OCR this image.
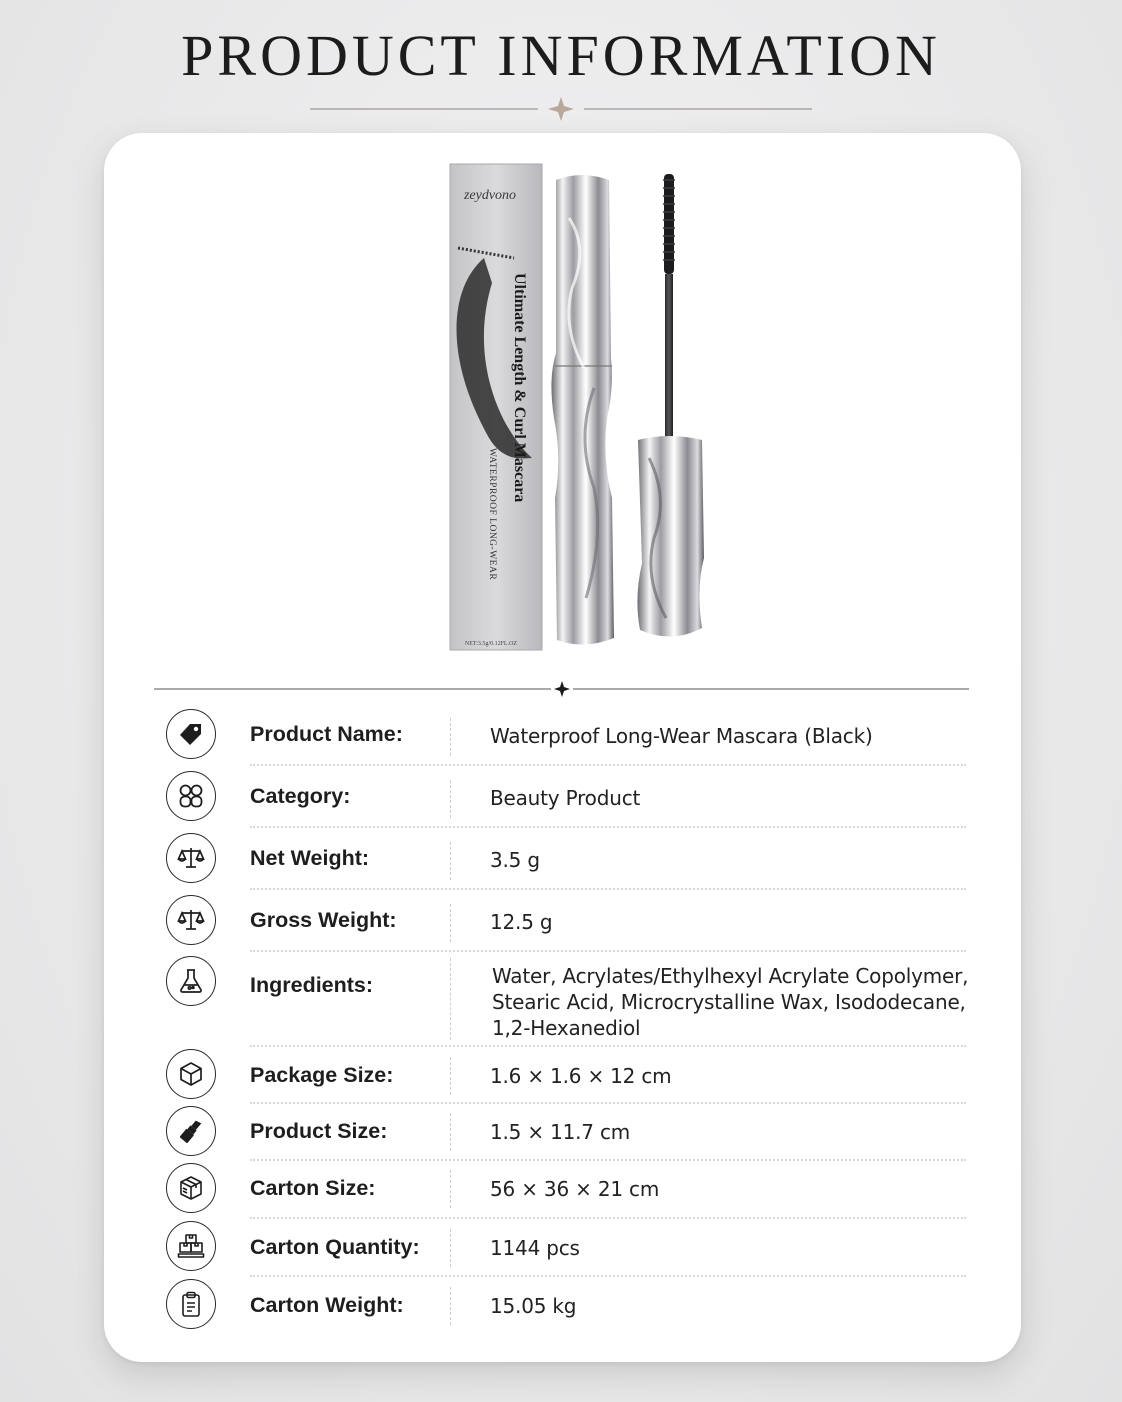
PRODUCT INFORMATION
zeydvono
Ultimate Length & Curl Mascara
WATERPROOF LONG-WEAR
NET:3.5g/0.12FL.OZ
Product Name:	Waterproof Long-Wear Mascara (Black)
Category:	Beauty Product
Net Weight:	3.5 g
Gross Weight:	12.5 g
Ingredients:	Water, Acrylates/Ethylhexyl Acrylate Copolymer,
Stearic Acid, Microcrystalline Wax, Isododecane,
1,2-Hexanediol
Package Size:	1.6 × 1.6 × 12 cm
Product Size:	1.5 × 11.7 cm
Carton Size:	56 × 36 × 21 cm
Carton Quantity:	1144 pcs
Carton Weight:	15.05 kg
